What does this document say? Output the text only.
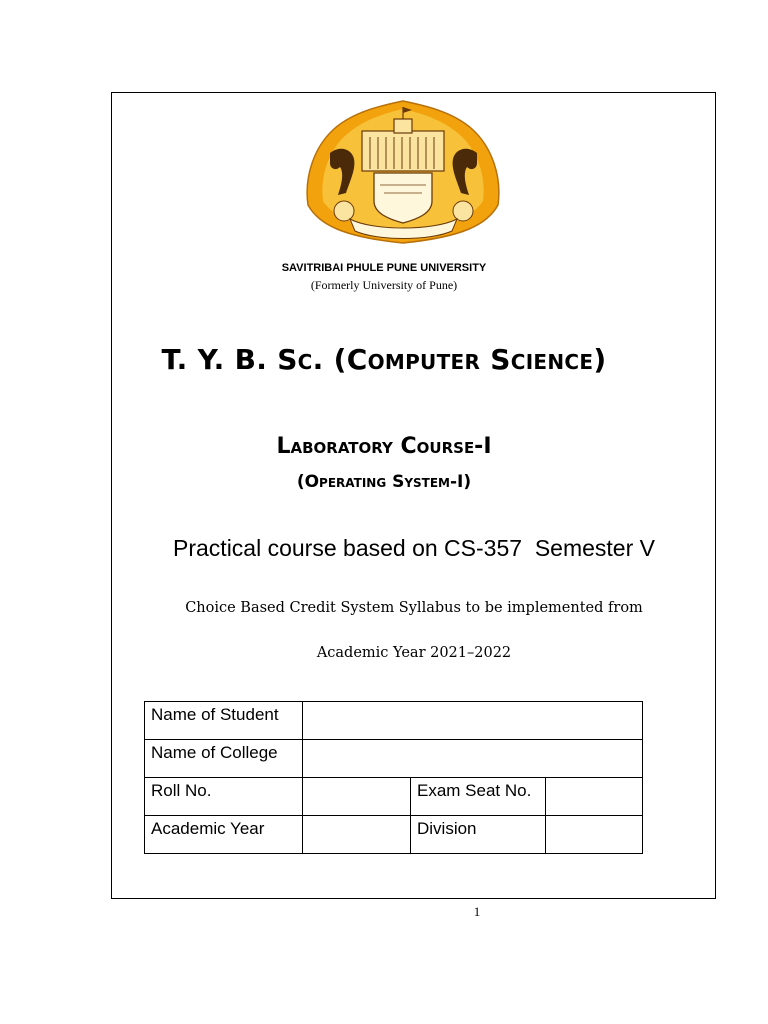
SAVITRIBAI PHULE PUNE UNIVERSITY
(Formerly University of Pune)
T. Y. B. Sc. (Computer Science)
Laboratory Course-I
(Operating System-I)
Practical course based on CS-357  Semester V
Choice Based Credit System Syllabus to be implemented from
Academic Year 2021–2022
Name of Student			
Name of College			
Roll No.		Exam Seat No.	
Academic Year		Division	
1
